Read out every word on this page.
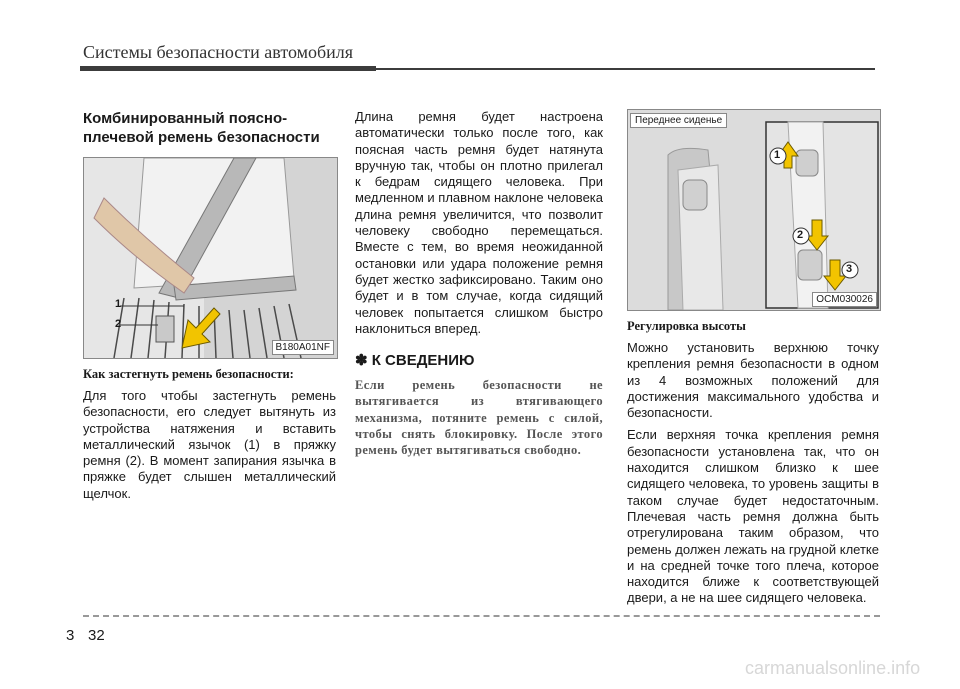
Системы безопасности автомобиля
Комбинированный поясно-плечевой ремень безопасности
1
2
B180A01NF
Как застегнуть ремень безопасности:
Для того чтобы застегнуть ремень безопасности, его следует вытянуть из устройства натяжения и вставить металлический язычок (1) в пряжку ремня (2). В момент запирания язычка в пряжке будет слышен металлический щелчок.
Длина ремня будет настроена автоматически только после того, как поясная часть ремня будет натянута вручную так, чтобы он плотно прилегал к бедрам сидящего человека. При медленном и плавном наклоне человека длина ремня увеличится, что позволит человеку свободно перемещаться. Вместе с тем, во время неожиданной остановки или удара положение ремня будет жестко зафиксировано. Таким оно будет и в том случае, когда сидящий человек попытается слишком быстро наклониться вперед.
✽ К СВЕДЕНИЮ
Если ремень безопасности не вытягивается из втягивающего механизма, потяните ремень с силой, чтобы снять блокировку. После этого ремень будет вытягиваться свободно.
1
2
3
Переднее сиденье
OCM030026
Регулировка высоты
Можно установить верхнюю точку крепления ремня безопасности в одном из 4 возможных положений для достижения максимального удобства и безопасности.
Если верхняя точка крепления ремня безопасности установлена так, что он находится слишком близко к шее сидящего человека, то уровень защиты в таком случае будет недостаточным. Плечевая часть ремня должна быть отрегулирована таким образом, что ремень должен лежать на грудной клетке и на средней точке того плеча, которое находится ближе к соответствующей двери, а не на шее сидящего человека.
3 32
carmanualsonline.info
